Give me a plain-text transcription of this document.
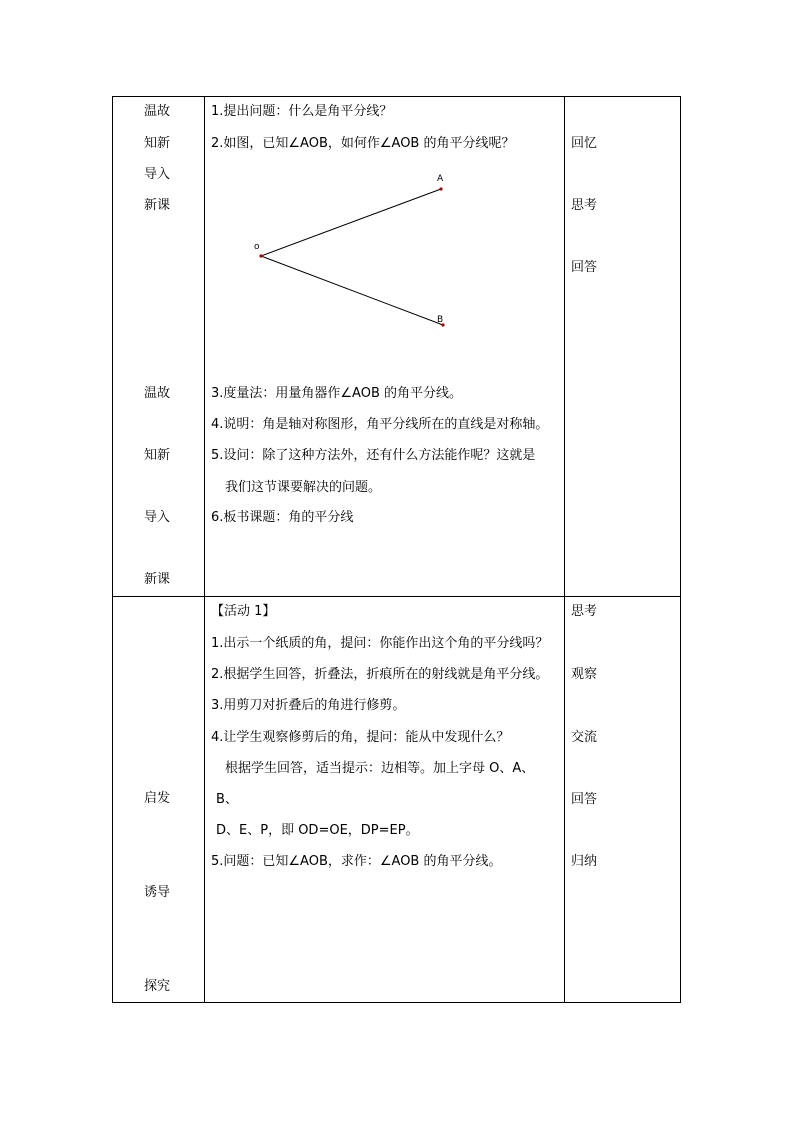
温故
知新
导入
新课
温故
知新
导入
新课
1.提出问题：什么是角平分线？
2.如图，已知∠AOB，如何作∠AOB 的角平分线呢？
A
o
B
3.度量法：用量角器作∠AOB 的角平分线。
4.说明：角是轴对称图形，角平分线所在的直线是对称轴。
5.设问：除了这种方法外，还有什么方法能作呢？这就是
我们这节课要解决的问题。
6.板书课题：角的平分线
回忆
思考
回答
启发
诱导
探究
【活动 1】
1.出示一个纸质的角，提问：你能作出这个角的平分线吗？
2.根据学生回答，折叠法，折痕所在的射线就是角平分线。
3.用剪刀对折叠后的角进行修剪。
4.让学生观察修剪后的角，提问：能从中发现什么？
根据学生回答，适当提示：边相等。加上字母 O、A、
B、
D、E、P，即 OD=OE，DP=EP。
5.问题：已知∠AOB，求作：∠AOB 的角平分线。
思考
观察
交流
回答
归纳
